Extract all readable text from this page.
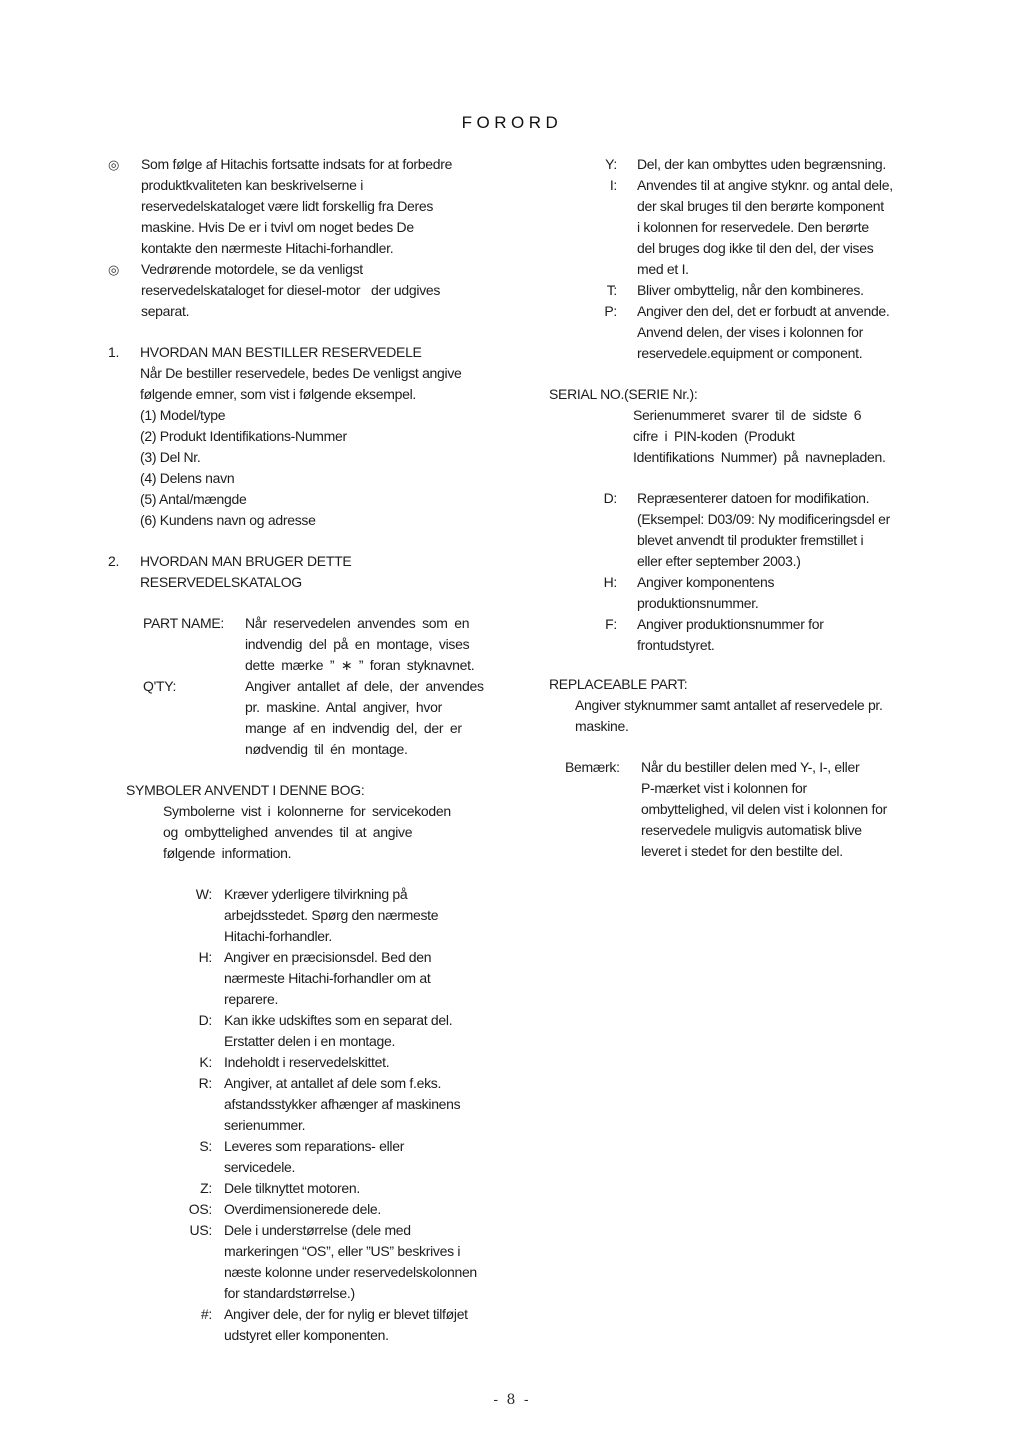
FORORD
◎	Som følge af Hitachis fortsatte indsats for at forbedre
produktkvaliteten kan beskrivelserne i
reservedelskataloget være lidt forskellig fra Deres
maskine. Hvis De er i tvivl om noget bedes De
kontakte den nærmeste Hitachi-forhandler.
◎	Vedrørende motordele, se da venligst
reservedelskataloget for diesel-motor   der udgives
separat.
1.	HVORDAN MAN BESTILLER RESERVEDELE
Når De bestiller reservedele, bedes De venligst angive
følgende emner, som vist i følgende eksempel.
(1) Model/type
(2) Produkt Identifikations-Nummer
(3) Del Nr.
(4) Delens navn
(5) Antal/mængde
(6) Kundens navn og adresse
2.	HVORDAN MAN BRUGER DETTE
RESERVEDELSKATALOG
PART NAME:	Når reservedelen anvendes som en
indvendig del på en montage, vises
dette mærke ” ∗ ” foran styknavnet.
Q'TY:	Angiver antallet af dele, der anvendes
pr. maskine. Antal angiver, hvor
mange af en indvendig del, der er
nødvendig til én montage.
SYMBOLER ANVENDT I DENNE BOG:
Symbolerne vist i kolonnerne for servicekoden
og ombyttelighed anvendes til at angive
følgende information.
W: Kræver yderligere tilvirkning på
arbejdsstedet. Spørg den nærmeste
Hitachi-forhandler.
H: Angiver en præcisionsdel. Bed den
nærmeste Hitachi-forhandler om at
reparere.
D: Kan ikke udskiftes som en separat del.
Erstatter delen i en montage.
K: Indeholdt i reservedelskittet.
R: Angiver, at antallet af dele som f.eks.
afstandsstykker afhænger af maskinens
serienummer.
S: Leveres som reparations- eller
servicedele.
Z: Dele tilknyttet motoren.
OS: Overdimensionerede dele.
US: Dele i understørrelse (dele med
markeringen “OS”, eller ”US” beskrives i
næste kolonne under reservedelskolonnen
for standardstørrelse.)
#: Angiver dele, der for nylig er blevet tilføjet
udstyret eller komponenten.
Y: Del, der kan ombyttes uden begrænsning.
I: Anvendes til at angive styknr. og antal dele,
der skal bruges til den berørte komponent
i kolonnen for reservedele. Den berørte
del bruges dog ikke til den del, der vises
med et I.
T: Bliver ombyttelig, når den kombineres.
P: Angiver den del, det er forbudt at anvende.
Anvend delen, der vises i kolonnen for
reservedele.equipment or component.
SERIAL NO.(SERIE Nr.):
Serienummeret svarer til de sidste 6
cifre i PIN-koden (Produkt
Identifikations Nummer) på navnepladen.
D: Repræsenterer datoen for modifikation.
(Eksempel: D03/09: Ny modificeringsdel er
blevet anvendt til produkter fremstillet i
eller efter september 2003.)
H: Angiver komponentens
produktionsnummer.
F: Angiver produktionsnummer for
frontudstyret.
REPLACEABLE PART:
Angiver styknummer samt antallet af reservedele pr.
maskine.
Bemærk:	Når du bestiller delen med Y-, I-, eller
P-mærket vist i kolonnen for
ombyttelighed, vil delen vist i kolonnen for
reservedele muligvis automatisk blive
leveret i stedet for den bestilte del.
- 8 -
